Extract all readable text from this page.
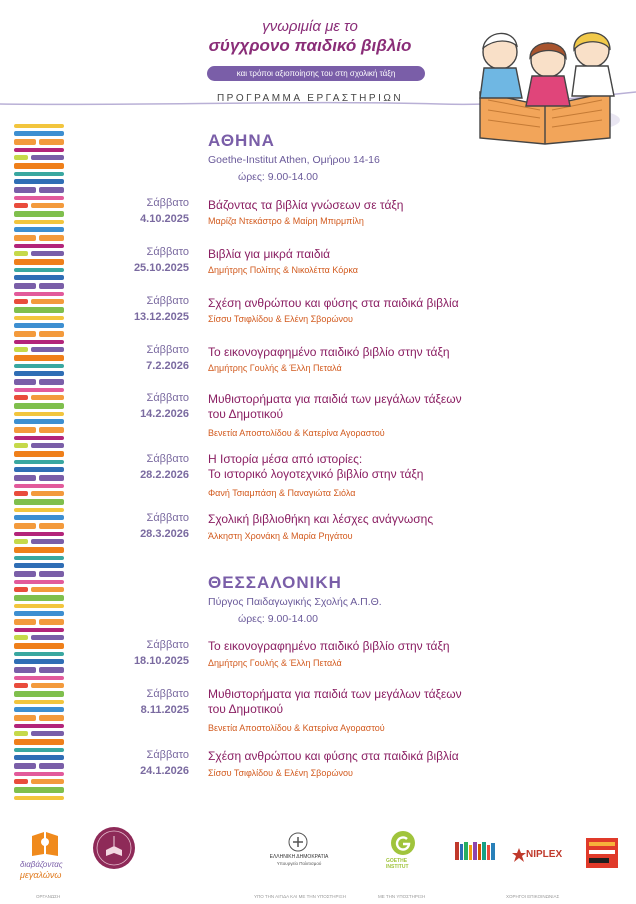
γνωριμία με το
σύγχρονο παιδικό βιβλίο
και τρόποι αξιοποίησης του στη σχολική τάξη
ΠΡΟΓΡΑΜΜΑ ΕΡΓΑΣΤΗΡΙΩΝ
ΑΘΗΝΑ
Goethe-Institut Athen, Ομήρου 14-16
ώρες: 9.00-14.00
Σάββατο
4.10.2025
Βάζοντας τα βιβλία γνώσεων σε τάξη
Μαρίζα Ντεκάστρο & Μαίρη Μπιρμπίλη
Σάββατο
25.10.2025
Βιβλία για μικρά παιδιά
Δημήτρης Πολίτης & Νικολέττα Κόρκα
Σάββατο
13.12.2025
Σχέση ανθρώπου και φύσης στα παιδικά βιβλία
Σίσσυ Τσιφλίδου & Ελένη Σβορώνου
Σάββατο
7.2.2026
Το εικονογραφημένο παιδικό βιβλίο στην τάξη
Δημήτρης Γουλής & Έλλη Πεταλά
Σάββατο
14.2.2026
Μυθιστορήματα για παιδιά των μεγάλων τάξεων
του Δημοτικού
Βενετία Αποστολίδου & Κατερίνα Αγοραστού
Σάββατο
28.2.2026
Η Ιστορία μέσα από ιστορίες:
Το ιστορικό λογοτεχνικό βιβλίο στην τάξη
Φανή Τσιαμπάση & Παναγιώτα Σιόλα
Σάββατο
28.3.2026
Σχολική βιβλιοθήκη και λέσχες ανάγνωσης
Άλκηστη Χρονάκη & Μαρία Ρηγάτου
ΘΕΣΣΑΛΟΝΙΚΗ
Πύργος Παιδαγωγικής Σχολής Α.Π.Θ.
ώρες: 9.00-14.00
Σάββατο
18.10.2025
Το εικονογραφημένο παιδικό βιβλίο στην τάξη
Δημήτρης Γουλής & Έλλη Πεταλά
Σάββατο
8.11.2025
Μυθιστορήματα για παιδιά των μεγάλων τάξεων
του Δημοτικού
Βενετία Αποστολίδου & Κατερίνα Αγοραστού
Σάββατο
24.1.2026
Σχέση ανθρώπου και φύσης στα παιδικά βιβλία
Σίσσυ Τσιφλίδου & Ελένη Σβορώνου
διαβάζοντας
μεγαλώνω
ΟΡΓΑΝΩΣΗ
ΕΛΛΗΝΙΚΗ ΔΗΜΟΚΡΑΤΙΑ
Υπουργείο Πολιτισμού
ΥΠΟ ΤΗΝ ΑΙΓΙΔΑ ΚΑΙ ΜΕ ΤΗΝ ΥΠΟΣΤΗΡΙΞΗ
GOETHE
INSTITUT
ΜΕ ΤΗΝ ΥΠΟΣΤΗΡΙΞΗ
NIPLEX
ΧΟΡΗΓΟΙ ΕΠΙΚΟΙΝΩΝΙΑΣ
